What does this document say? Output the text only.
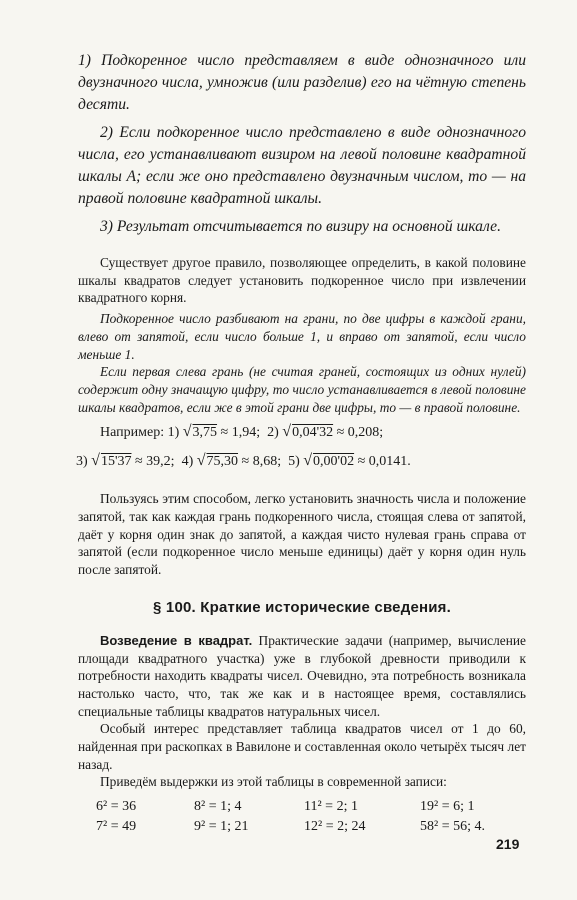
1) Подкоренное число представляем в виде однозначного или двузначного числа, умножив (или разделив) его на чётную степень десяти.

2) Если подкоренное число представлено в виде однозначного числа, его устанавливают визиром на левой половине квадратной шкалы А; если же оно представлено двузначным числом, то — на правой половине квадратной шкалы.

3) Результат отсчитывается по визиру на основной шкале.

Существует другое правило, позволяющее определить, в какой половине шкалы квадратов следует установить подкоренное число при извлечении квадратного корня.

Подкоренное число разбивают на грани, по две цифры в каждой грани, влево от запятой, если число больше 1, и вправо от запятой, если число меньше 1.

Если первая слева грань (не считая граней, состоящих из одних нулей) содержит одну значащую цифру, то число устанавливается в левой половине шкалы квадратов, если же в этой грани две цифры, то — в правой половине.

Например: 1) √3,75 ≈ 1,94; 2) √0,04'32 ≈ 0,208;
3) √15'37 ≈ 39,2; 4) √75,30 ≈ 8,68; 5) √0,00'02 ≈ 0,0141.

Пользуясь этим способом, легко установить значность числа и положение запятой, так как каждая грань подкоренного числа, стоящая слева от запятой, даёт у корня один знак до запятой, а каждая чисто нулевая грань справа от запятой (если подкоренное число меньше единицы) даёт у корня один нуль после запятой.

§ 100. Краткие исторические сведения.

Возведение в квадрат. Практические задачи (например, вычисление площади квадратного участка) уже в глубокой древности приводили к потребности находить квадраты чисел. Очевидно, эта потребность возникала настолько часто, что, так же как и в настоящее время, составлялись специальные таблицы квадратов натуральных чисел.

Особый интерес представляет таблица квадратов чисел от 1 до 60, найденная при раскопках в Вавилоне и составленная около четырёх тысяч лет назад.

Приведём выдержки из этой таблицы в современной записи:

6² = 36	8² = 1; 4	11² = 2; 1	19² = 6; 1
7² = 49	9² = 1; 21	12² = 2; 24	58² = 56; 4.
219
